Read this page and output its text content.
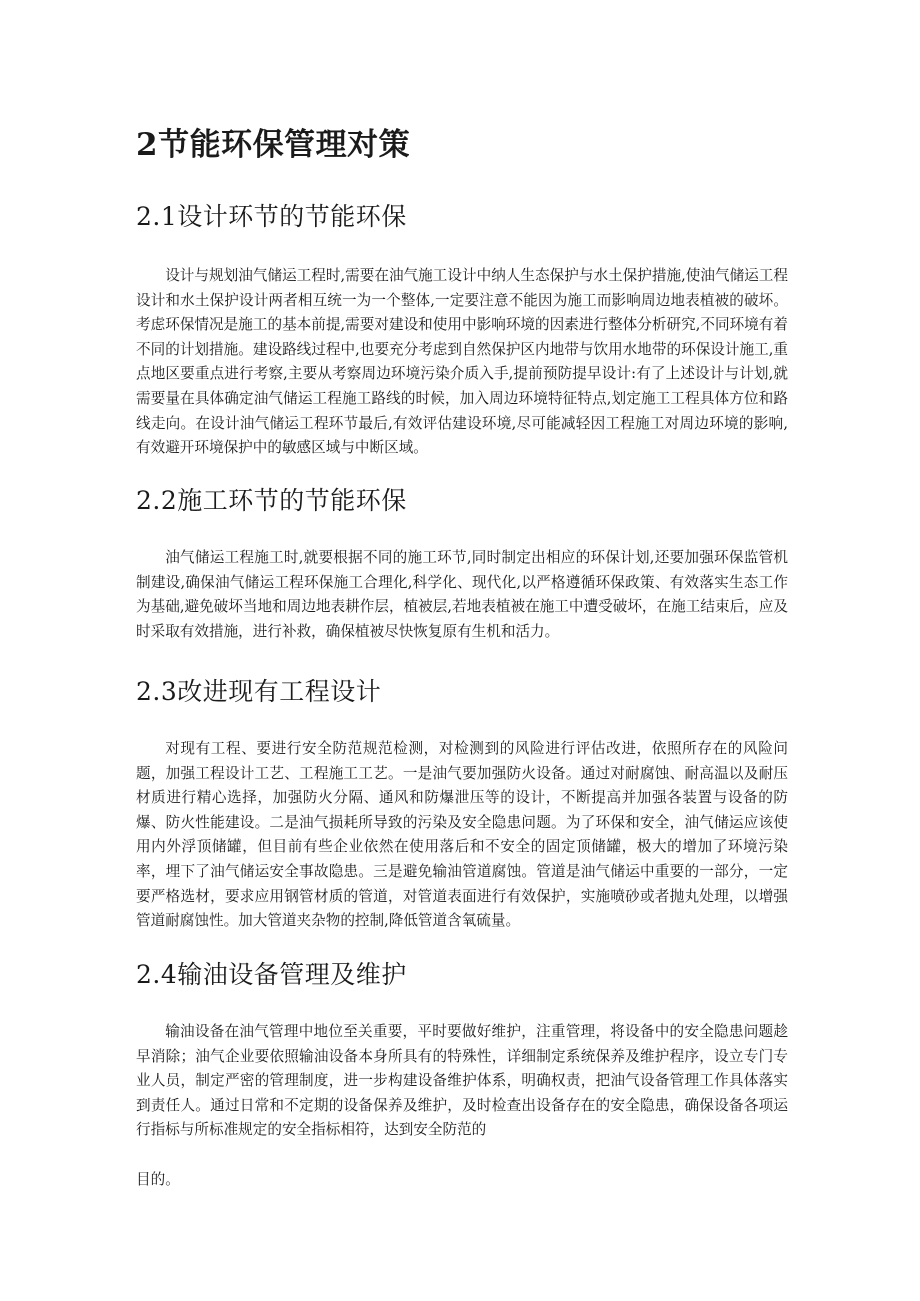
2节能环保管理对策
2.1设计环节的节能环保

设计与规划油气储运工程时,需要在油气施工设计中纳人生态保护与水土保护措施,使油气储运工程设计和水土保护设计两者相互统一为一个整体,一定要注意不能因为施工而影响周边地表植被的破坏。考虑环保情况是施工的基本前提,需要对建设和使用中影响环境的因素进行整体分析研究,不同环境有着不同的计划措施。建设路线过程中,也要充分考虑到自然保护区内地带与饮用水地带的环保设计施工,重点地区要重点进行考察,主要从考察周边环境污染介质入手,提前预防提早设计:有了上述设计与计划,就需要量在具体确定油气储运工程施工路线的时候，加入周边环境特征特点,划定施工工程具体方位和路线走向。在设计油气储运工程环节最后,有效评估建设环境,尽可能减轻因工程施工对周边环境的影响,有效避开环境保护中的敏感区域与中断区域。

2.2施工环节的节能环保

油气储运工程施工时,就要根据不同的施工环节,同时制定出相应的环保计划,还要加强环保监管机制建设,确保油气储运工程环保施工合理化,科学化、现代化,以严格遵循环保政策、有效落实生态工作为基础,避免破坏当地和周边地表耕作层，植被层,若地表植被在施工中遭受破坏，在施工结束后，应及时采取有效措施，进行补救，确保植被尽快恢复原有生机和活力。

2.3改进现有工程设计

对现有工程、要进行安全防范规范检测，对检测到的风险进行评估改进，依照所存在的风险问题，加强工程设计工艺、工程施工工艺。一是油气要加强防火设备。通过对耐腐蚀、耐高温以及耐压材质进行精心选择，加强防火分隔、通风和防爆泄压等的设计，不断提高并加强各装置与设备的防爆、防火性能建设。二是油气损耗所导致的污染及安全隐患问题。为了环保和安全，油气储运应该使用内外浮顶储罐，但目前有些企业依然在使用落后和不安全的固定顶储罐，极大的增加了环境污染率，埋下了油气储运安全事故隐患。三是避免输油管道腐蚀。管道是油气储运中重要的一部分，一定要严格选材，要求应用钢管材质的管道，对管道表面进行有效保护，实施喷砂或者抛丸处理，以增强管道耐腐蚀性。加大管道夹杂物的控制,降低管道含氧硫量。

2.4输油设备管理及维护

输油设备在油气管理中地位至关重要，平时要做好维护，注重管理，将设备中的安全隐患问题趁早消除；油气企业要依照输油设备本身所具有的特殊性，详细制定系统保养及维护程序，设立专门专业人员，制定严密的管理制度，进一步构建设备维护体系，明确权责，把油气设备管理工作具体落实到责任人。通过日常和不定期的设备保养及维护，及时检查出设备存在的安全隐患，确保设备各项运行指标与所标准规定的安全指标相符，达到安全防范的

目的。
